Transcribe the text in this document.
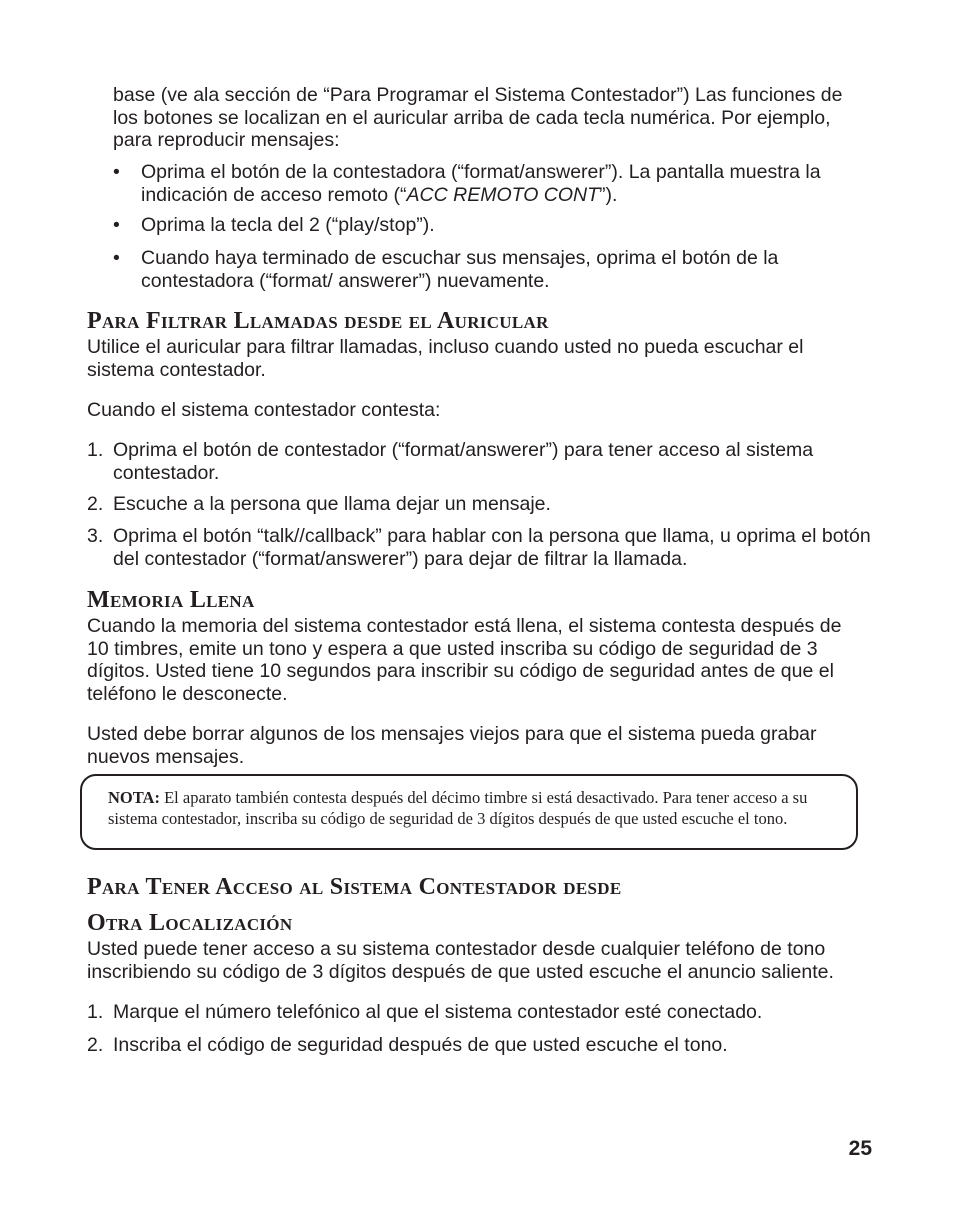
base (ve ala sección de “Para Programar el Sistema Contestador”) Las funciones de los botones se localizan en el auricular arriba de cada tecla numérica. Por ejemplo, para reproducir mensajes:

• Oprima el botón de la contestadora (“format/answerer”). La pantalla muestra la indicación de acceso remoto (“ACC REMOTO CONT”).
• Oprima la tecla del 2 (“play/stop”).
• Cuando haya terminado de escuchar sus mensajes, oprima el botón de la contestadora (“format/ answerer”) nuevamente.
Para Filtrar Llamadas desde el Auricular

Utilice el auricular para filtrar llamadas, incluso cuando usted no pueda escuchar el sistema contestador.

Cuando el sistema contestador contesta:

1. Oprima el botón de contestador (“format/answerer”) para tener acceso al sistema contestador.
2. Escuche a la persona que llama dejar un mensaje.
3. Oprima el botón “talk//callback” para hablar con la persona que llama, u oprima el botón del contestador (“format/answerer”) para dejar de filtrar la llamada.
Memoria Llena

Cuando la memoria del sistema contestador está llena, el sistema contesta después de 10 timbres, emite un tono y espera a que usted inscriba su código de seguridad de 3 dígitos. Usted tiene 10 segundos para inscribir su código de seguridad antes de que el teléfono le desconecte.

Usted debe borrar algunos de los mensajes viejos para que el sistema pueda grabar nuevos mensajes.

NOTA: El aparato también contesta después del décimo timbre si está desactivado. Para tener acceso a su sistema contestador, inscriba su código de seguridad de 3 dígitos después de que usted escuche el tono.
Para Tener Acceso al Sistema Contestador desde
Otra Localización

Usted puede tener acceso a su sistema contestador desde cualquier teléfono de tono inscribiendo su código de 3 dígitos después de que usted escuche el anuncio saliente.

1. Marque el número telefónico al que el sistema contestador esté conectado.
2. Inscriba el código de seguridad después de que usted escuche el tono.
25
